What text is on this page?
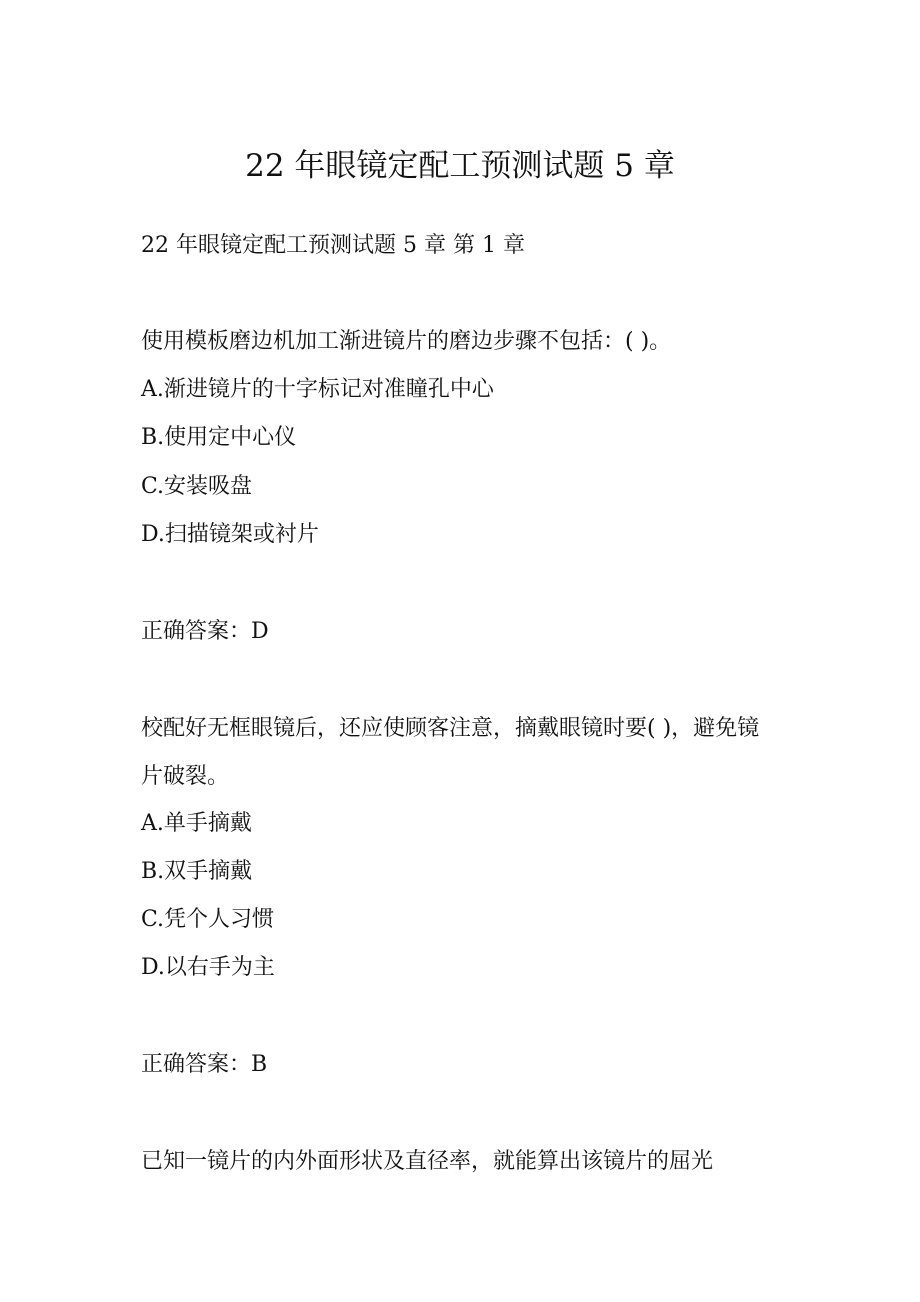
22 年眼镜定配工预测试题 5 章
22 年眼镜定配工预测试题 5 章 第 1 章
使用模板磨边机加工渐进镜片的磨边步骤不包括：( )。
A.渐进镜片的十字标记对准瞳孔中心
B.使用定中心仪
C.安装吸盘
D.扫描镜架或衬片
正确答案：D
校配好无框眼镜后，还应使顾客注意，摘戴眼镜时要( )，避免镜片破裂。
A.单手摘戴
B.双手摘戴
C.凭个人习惯
D.以右手为主
正确答案：B
已知一镜片的内外面形状及直径率，就能算出该镜片的屈光
